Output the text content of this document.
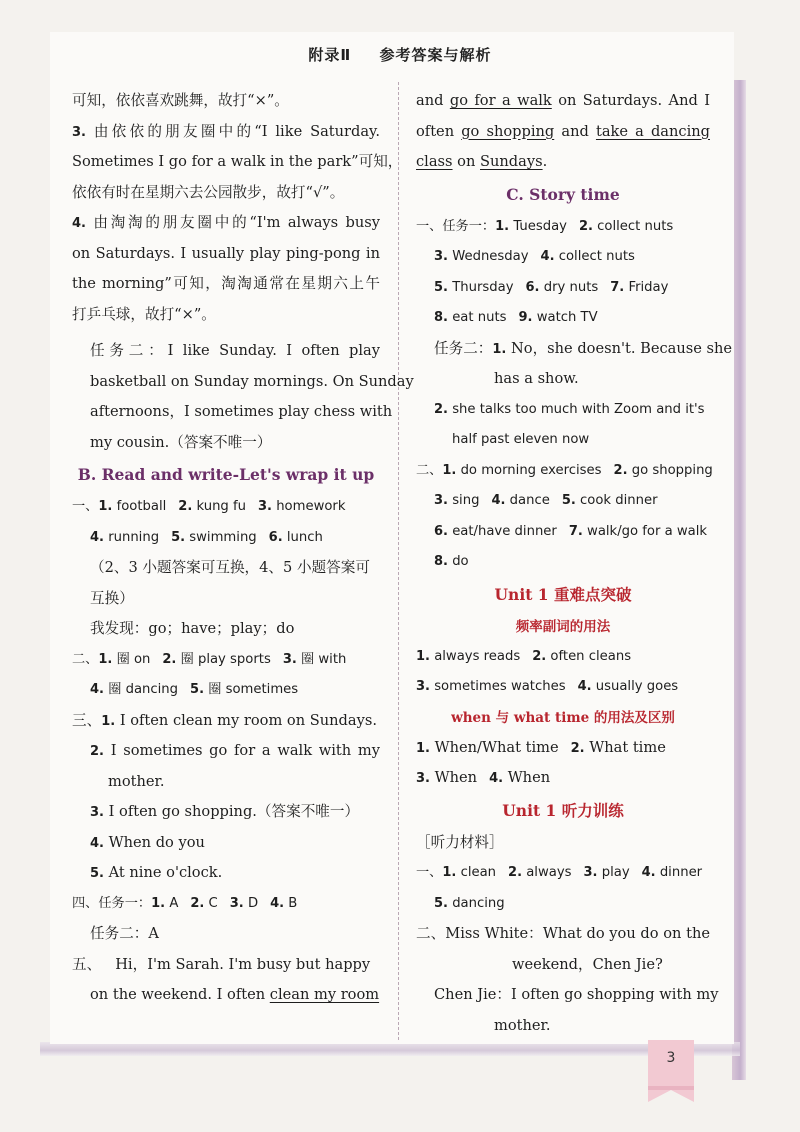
附录Ⅱ 参考答案与解析
可知，依依喜欢跳舞，故打“×”。
3. 由依依的朋友圈中的“I like Saturday.
Sometimes I go for a walk in the park”可知，
依依有时在星期六去公园散步，故打“√”。
4. 由淘淘的朋友圈中的“I'm always busy
on Saturdays. I usually play ping-pong in
the morning”可知，淘淘通常在星期六上午
打乒乓球，故打“×”。
任务二：I like Sunday. I often play
basketball on Sunday mornings. On Sunday
afternoons，I sometimes play chess with
my cousin.（答案不唯一）
B. Read and write-Let's wrap it up
一、1. football 2. kung fu 3. homework
4. running 5. swimming 6. lunch
（2、3 小题答案可互换，4、5 小题答案可
互换）
我发现：go；have；play；do
二、1. 圈 on 2. 圈 play sports 3. 圈 with
4. 圈 dancing 5. 圈 sometimes
三、1. I often clean my room on Sundays.
2. I sometimes go for a walk with my
mother.
3. I often go shopping.（答案不唯一）
4. When do you
5. At nine o'clock.
四、任务一：1. A 2. C 3. D 4. B
任务二：A
五、 Hi，I'm Sarah. I'm busy but happy
on the weekend. I often clean my room
and go for a walk on Saturdays. And I
often go shopping and take a dancing
class on Sundays.
C. Story time
一、任务一：1. Tuesday 2. collect nuts
3. Wednesday 4. collect nuts
5. Thursday 6. dry nuts 7. Friday
8. eat nuts 9. watch TV
任务二：1. No，she doesn't. Because she
has a show.
2. she talks too much with Zoom and it's
half past eleven now
二、1. do morning exercises 2. go shopping
3. sing 4. dance 5. cook dinner
6. eat/have dinner 7. walk/go for a walk
8. do
Unit 1 重难点突破
频率副词的用法
1. always reads 2. often cleans
3. sometimes watches 4. usually goes
when 与 what time 的用法及区别
1. When/What time 2. What time
3. When 4. When
Unit 1 听力训练
［听力材料］
一、1. clean 2. always 3. play 4. dinner
5. dancing
二、Miss White：What do you do on the
weekend，Chen Jie?
Chen Jie：I often go shopping with my
mother.
3
